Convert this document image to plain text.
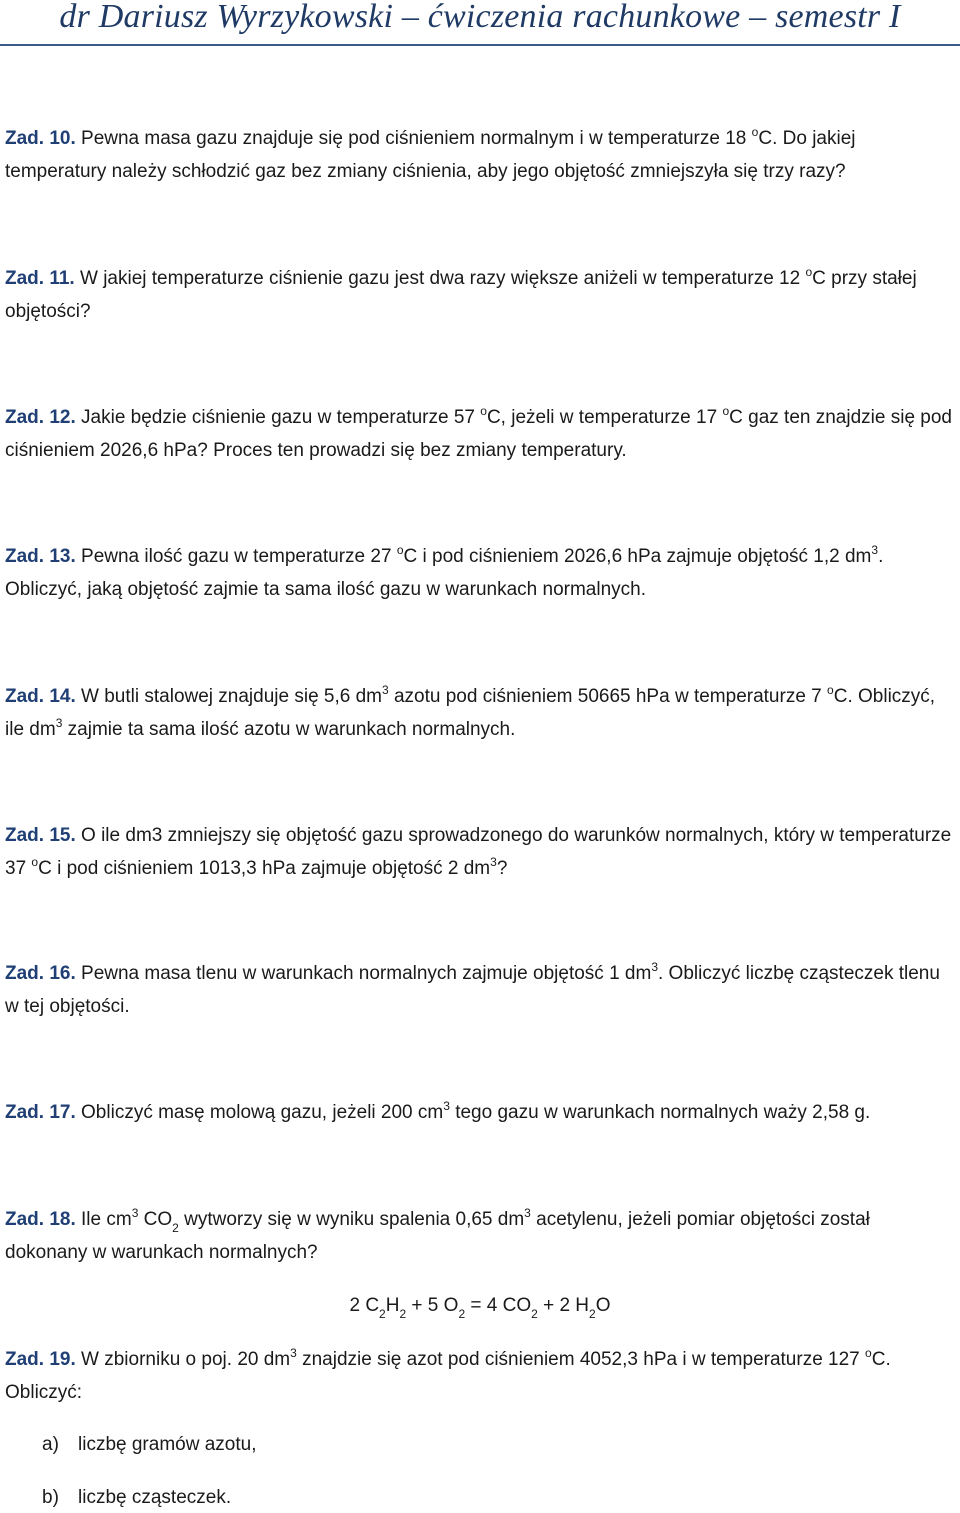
dr Dariusz Wyrzykowski – ćwiczenia rachunkowe – semestr I
Zad. 10. Pewna masa gazu znajduje się pod ciśnieniem normalnym i w temperaturze 18 $^o$C. Do jakiej temperatury należy schłodzić gaz bez zmiany ciśnienia, aby jego objętość zmniejszyła się trzy razy?
Zad. 11. W jakiej temperaturze ciśnienie gazu jest dwa razy większe aniżeli w temperaturze 12 $^o$C przy stałej objętości?
Zad. 12. Jakie będzie ciśnienie gazu w temperaturze 57 $^o$C, jeżeli w temperaturze 17 $^o$C gaz ten znajdzie się pod ciśnieniem 2026,6 hPa? Proces ten prowadzi się bez zmiany temperatury.
Zad. 13. Pewna ilość gazu w temperaturze 27 $^o$C i pod ciśnieniem 2026,6 hPa zajmuje objętość 1,2 $dm^3$. Obliczyć, jaką objętość zajmie ta sama ilość gazu w warunkach normalnych.
Zad. 14. W butli stalowej znajduje się 5,6 $dm^3$ azotu pod ciśnieniem 50665 hPa w temperaturze 7 $^o$C. Obliczyć, ile $dm^3$ zajmie ta sama ilość azotu w warunkach normalnych.
Zad. 15. O ile dm3 zmniejszy się objętość gazu sprowadzonego do warunków normalnych, który w temperaturze 37 $^o$C i pod ciśnieniem 1013,3 hPa zajmuje objętość 2 $dm^3$?
Zad. 16. Pewna masa tlenu w warunkach normalnych zajmuje objętość 1 $dm^3$. Obliczyć liczbę cząsteczek tlenu w tej objętości.
Zad. 17. Obliczyć masę molową gazu, jeżeli 200 $cm^3$ tego gazu w warunkach normalnych waży 2,58 g.
Zad. 18. Ile $cm^3$ $CO_2$ wytworzy się w wyniku spalenia 0,65 $dm^3$ acetylenu, jeżeli pomiar objętości został dokonany w warunkach normalnych?
2 $C_2H_2 + 5$ $O_2 = 4$ $CO_2 + 2$ $H_2O$
Zad. 19. W zbiorniku o poj. 20 $dm^3$ znajdzie się azot pod ciśnieniem 4052,3 hPa i w temperaturze 127 $^o$C. Obliczyć:
a) liczbę gramów azotu,
b) liczbę cząsteczek.
